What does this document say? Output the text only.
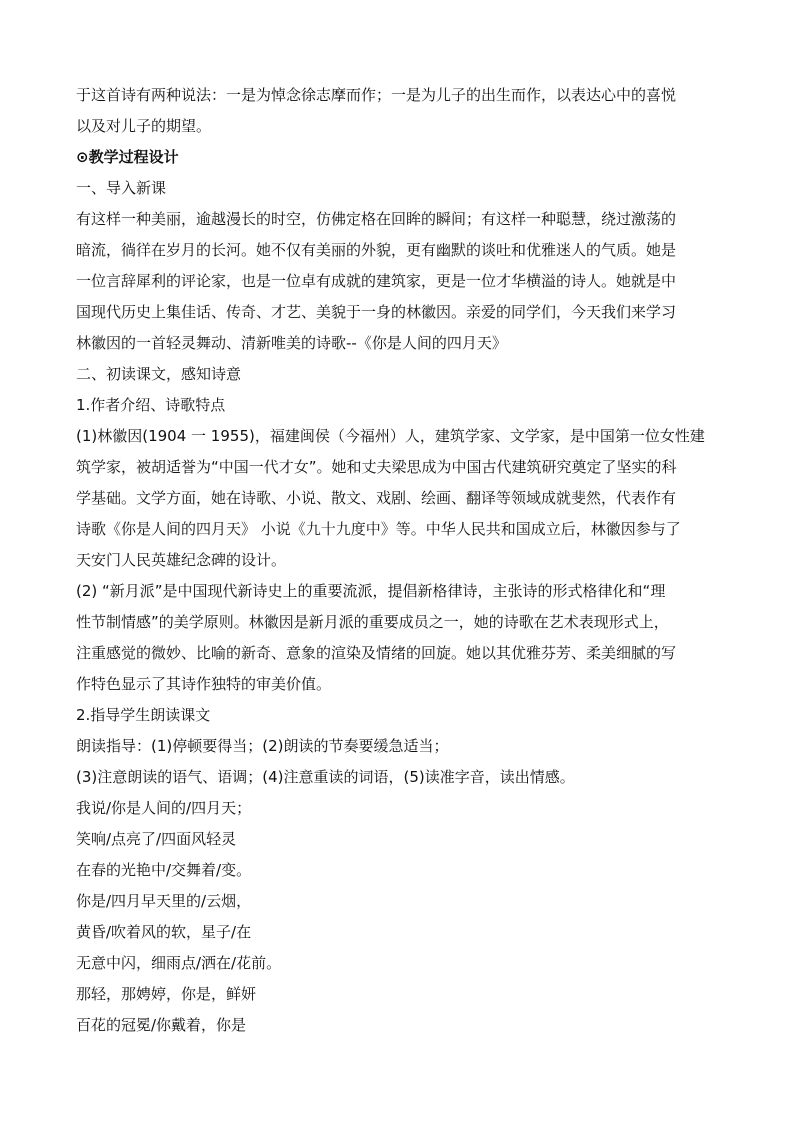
于这首诗有两种说法：一是为悼念徐志摩而作；一是为儿子的出生而作，以表达心中的喜悦
以及对儿子的期望。
⊙教学过程设计
一、导入新课
有这样一种美丽，逾越漫长的时空，仿佛定格在回眸的瞬间；有这样一种聪慧，绕过激荡的
暗流，徜徉在岁月的长河。她不仅有美丽的外貌，更有幽默的谈吐和优雅迷人的气质。她是
一位言辞犀利的评论家，也是一位卓有成就的建筑家，更是一位才华横溢的诗人。她就是中
国现代历史上集佳话、传奇、才艺、美貌于一身的林徽因。亲爱的同学们，今天我们来学习
林徽因的一首轻灵舞动、清新唯美的诗歌--《你是人间的四月天》
二、初读课文，感知诗意
1.作者介绍、诗歌特点
(1)林徽因(1904 一 1955)，福建闽侯（今福州）人，建筑学家、文学家，是中国第一位女性建
筑学家，被胡适誉为“中国一代才女”。她和丈夫梁思成为中国古代建筑研究奠定了坚实的科
学基础。文学方面，她在诗歌、小说、散文、戏剧、绘画、翻译等领域成就斐然，代表作有
诗歌《你是人间的四月天》 小说《九十九度中》等。中华人民共和国成立后，林徽因参与了
天安门人民英雄纪念碑的设计。
(2) “新月派”是中国现代新诗史上的重要流派，提倡新格律诗，主张诗的形式格律化和“理
性节制情感”的美学原则。林徽因是新月派的重要成员之一，她的诗歌在艺术表现形式上，
注重感觉的微妙、比喻的新奇、意象的渲染及情绪的回旋。她以其优雅芬芳、柔美细腻的写
作特色显示了其诗作独特的审美价值。
2.指导学生朗读课文
朗读指导：(1)停顿要得当；(2)朗读的节奏要缓急适当；
(3)注意朗读的语气、语调；(4)注意重读的词语，(5)读准字音，读出情感。
我说/你是人间的/四月天；
笑响/点亮了/四面风轻灵
在春的光艳中/交舞着/变。
你是/四月早天里的/云烟，
黄昏/吹着风的软，星子/在
无意中闪，细雨点/洒在/花前。
那轻，那娉婷，你是，鲜妍
百花的冠冕/你戴着，你是
